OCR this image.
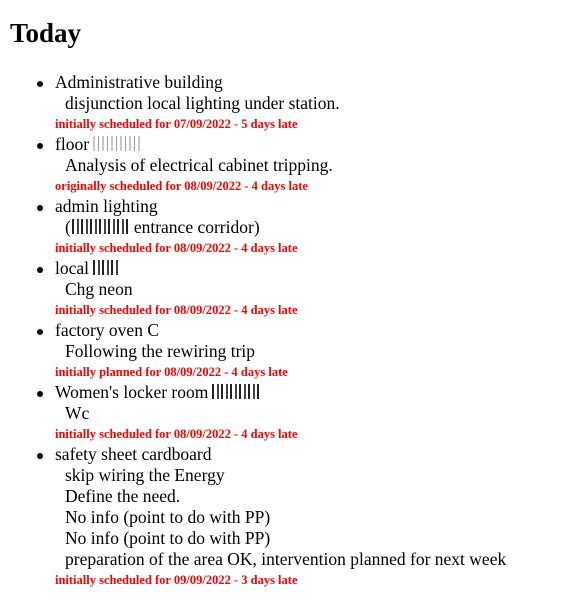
Today
Administrative building
disjunction local lighting under station.
initially scheduled for 07/09/2022 - 5 days late
floor
Analysis of electrical cabinet tripping.
originally scheduled for 08/09/2022 - 4 days late
admin lighting
(	entrance corridor)
initially scheduled for 08/09/2022 - 4 days late
local
Chg neon
initially scheduled for 08/09/2022 - 4 days late
factory oven C
Following the rewiring trip
initially planned for 08/09/2022 - 4 days late
Women's locker room
Wc
initially scheduled for 08/09/2022 - 4 days late
safety sheet cardboard
skip wiring the Energy
Define the need.
No info (point to do with PP)
No info (point to do with PP)
preparation of the area OK, intervention planned for next week
initially scheduled for 09/09/2022 - 3 days late
